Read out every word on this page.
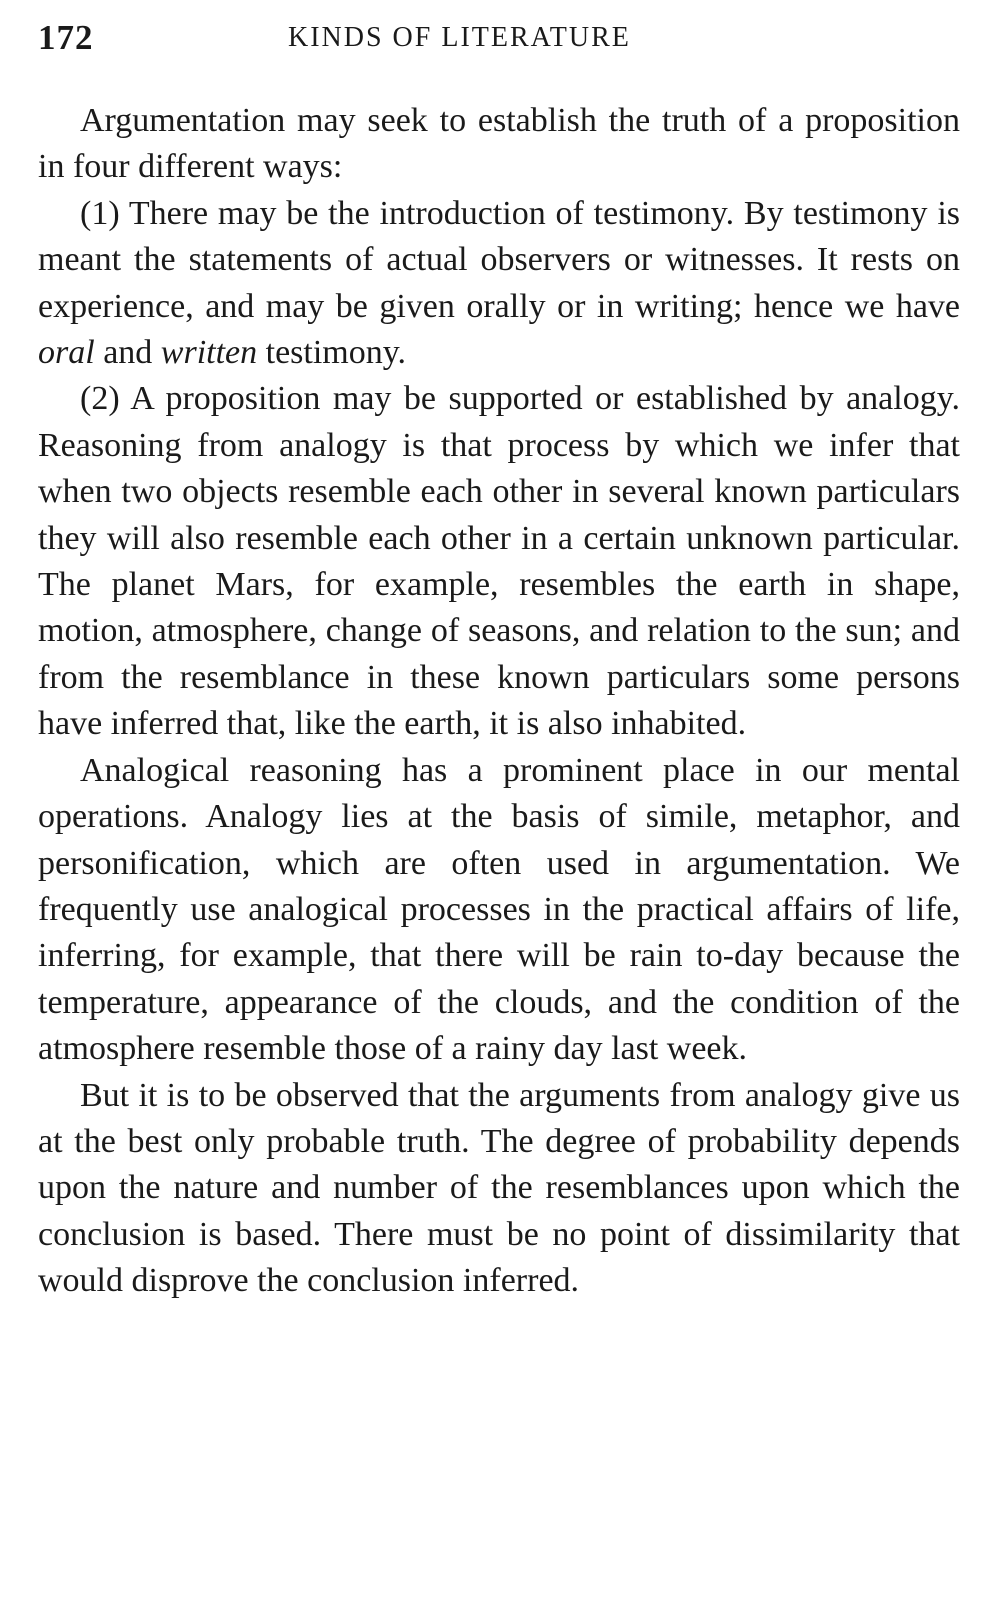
172	KINDS OF LITERATURE

Argumentation may seek to establish the truth of a proposition in four different ways:

(1) There may be the introduction of testimony. By testimony is meant the statements of actual observers or witnesses. It rests on experience, and may be given orally or in writing; hence we have oral and written testimony.

(2) A proposition may be supported or established by analogy. Reasoning from analogy is that process by which we infer that when two objects resemble each other in several known particulars they will also resemble each other in a certain unknown particular. The planet Mars, for example, resembles the earth in shape, motion, atmosphere, change of seasons, and relation to the sun; and from the resemblance in these known particulars some persons have inferred that, like the earth, it is also inhabited.

Analogical reasoning has a prominent place in our mental operations. Analogy lies at the basis of simile, metaphor, and personification, which are often used in argumentation. We frequently use analogical processes in the practical affairs of life, inferring, for example, that there will be rain to-day because the temperature, appearance of the clouds, and the condition of the atmosphere resemble those of a rainy day last week.

But it is to be observed that the arguments from analogy give us at the best only probable truth. The degree of probability depends upon the nature and number of the resemblances upon which the conclusion is based. There must be no point of dissimilarity that would disprove the conclusion inferred.
